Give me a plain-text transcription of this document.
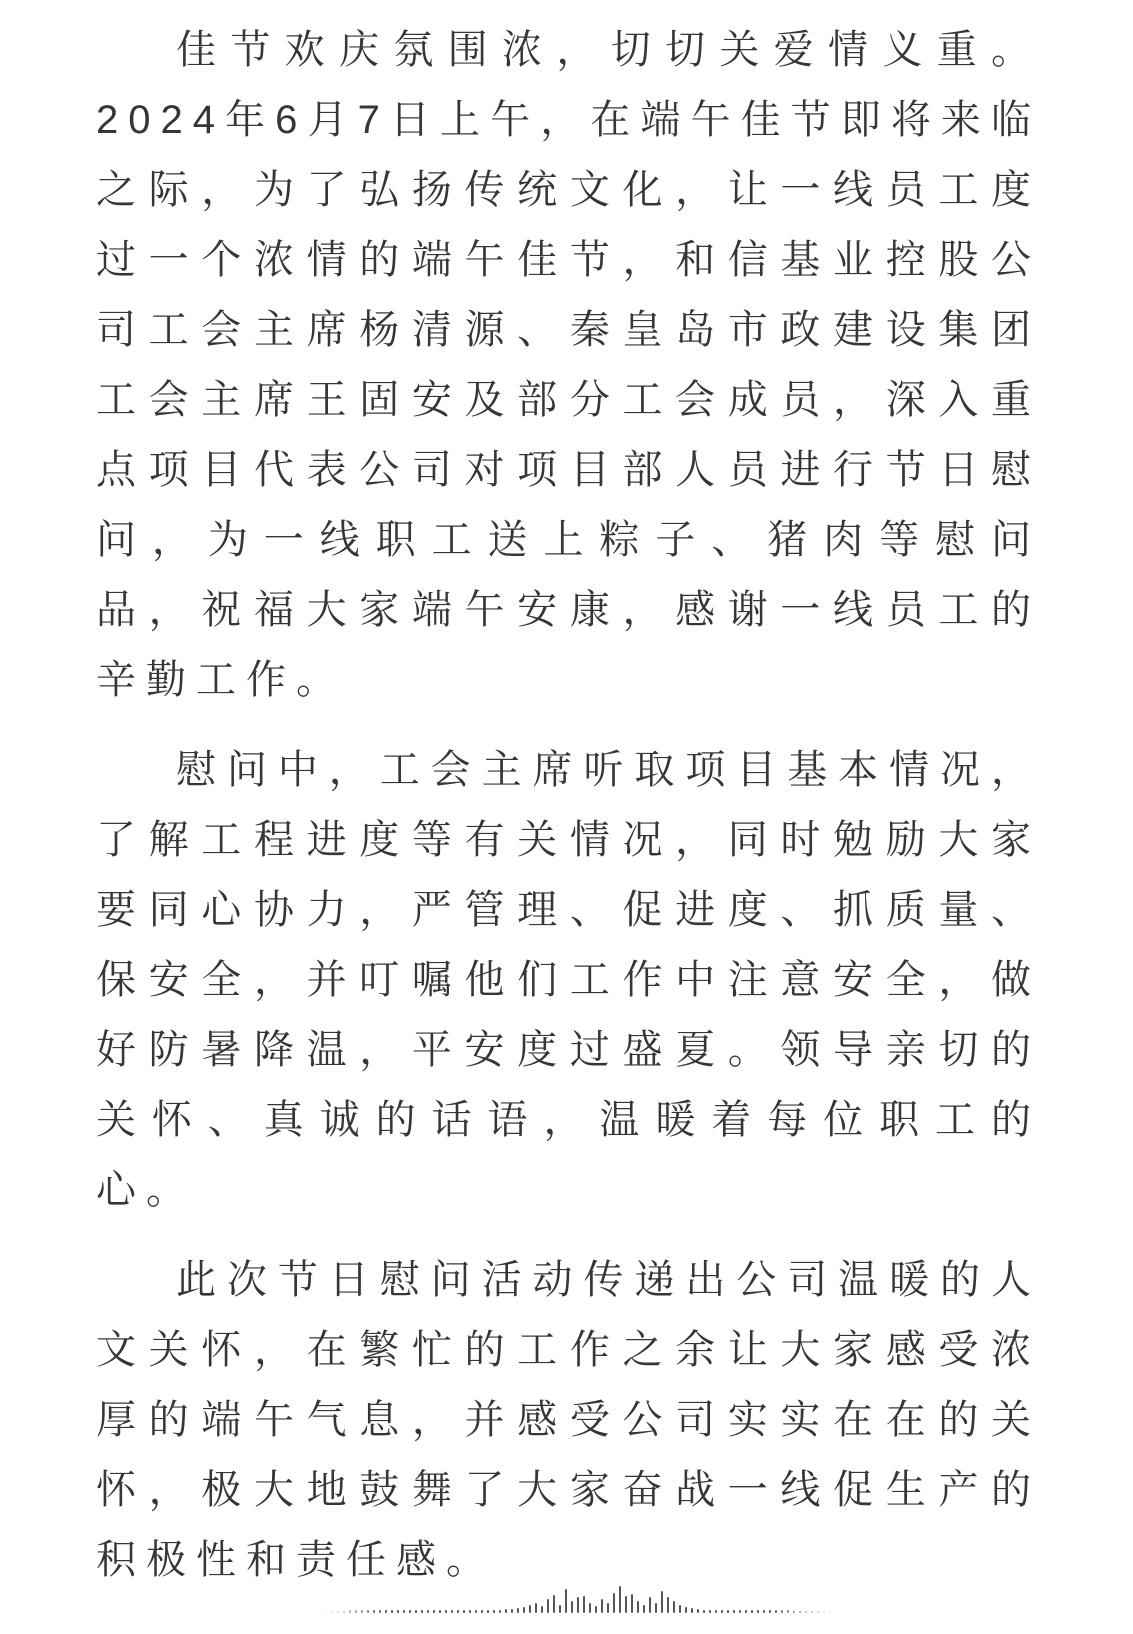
佳节欢庆氛围浓，切切关爱情义重。2024年6月7日上午，在端午佳节即将来临之际，为了弘扬传统文化，让一线员工度过一个浓情的端午佳节，和信基业控股公司工会主席杨清源、秦皇岛市政建设集团工会主席王固安及部分工会成员，深入重点项目代表公司对项目部人员进行节日慰问，为一线职工送上粽子、猪肉等慰问品，祝福大家端午安康，感谢一线员工的辛勤工作。

慰问中，工会主席听取项目基本情况，了解工程进度等有关情况，同时勉励大家要同心协力，严管理、促进度、抓质量、保安全，并叮嘱他们工作中注意安全，做好防暑降温，平安度过盛夏。领导亲切的关怀、真诚的话语，温暖着每位职工的心。

此次节日慰问活动传递出公司温暖的人文关怀，在繁忙的工作之余让大家感受浓厚的端午气息，并感受公司实实在在的关怀，极大地鼓舞了大家奋战一线促生产的积极性和责任感。
